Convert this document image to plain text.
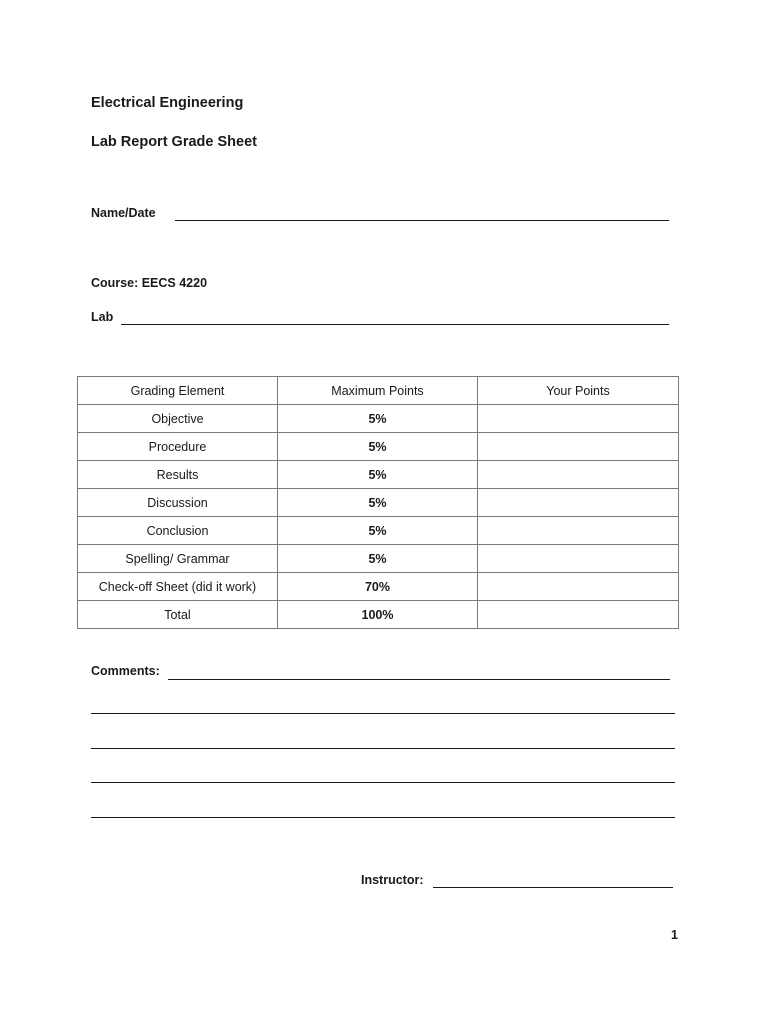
Electrical Engineering
Lab Report Grade Sheet
Name/Date
Course: EECS 4220
Lab
Grading Element	Maximum Points	Your Points
Objective	5%	
Procedure	5%	
Results	5%	
Discussion	5%	
Conclusion	5%	
Spelling/ Grammar	5%	
Check-off Sheet (did it work)	70%	
Total	100%	
Comments:
Instructor:
1
